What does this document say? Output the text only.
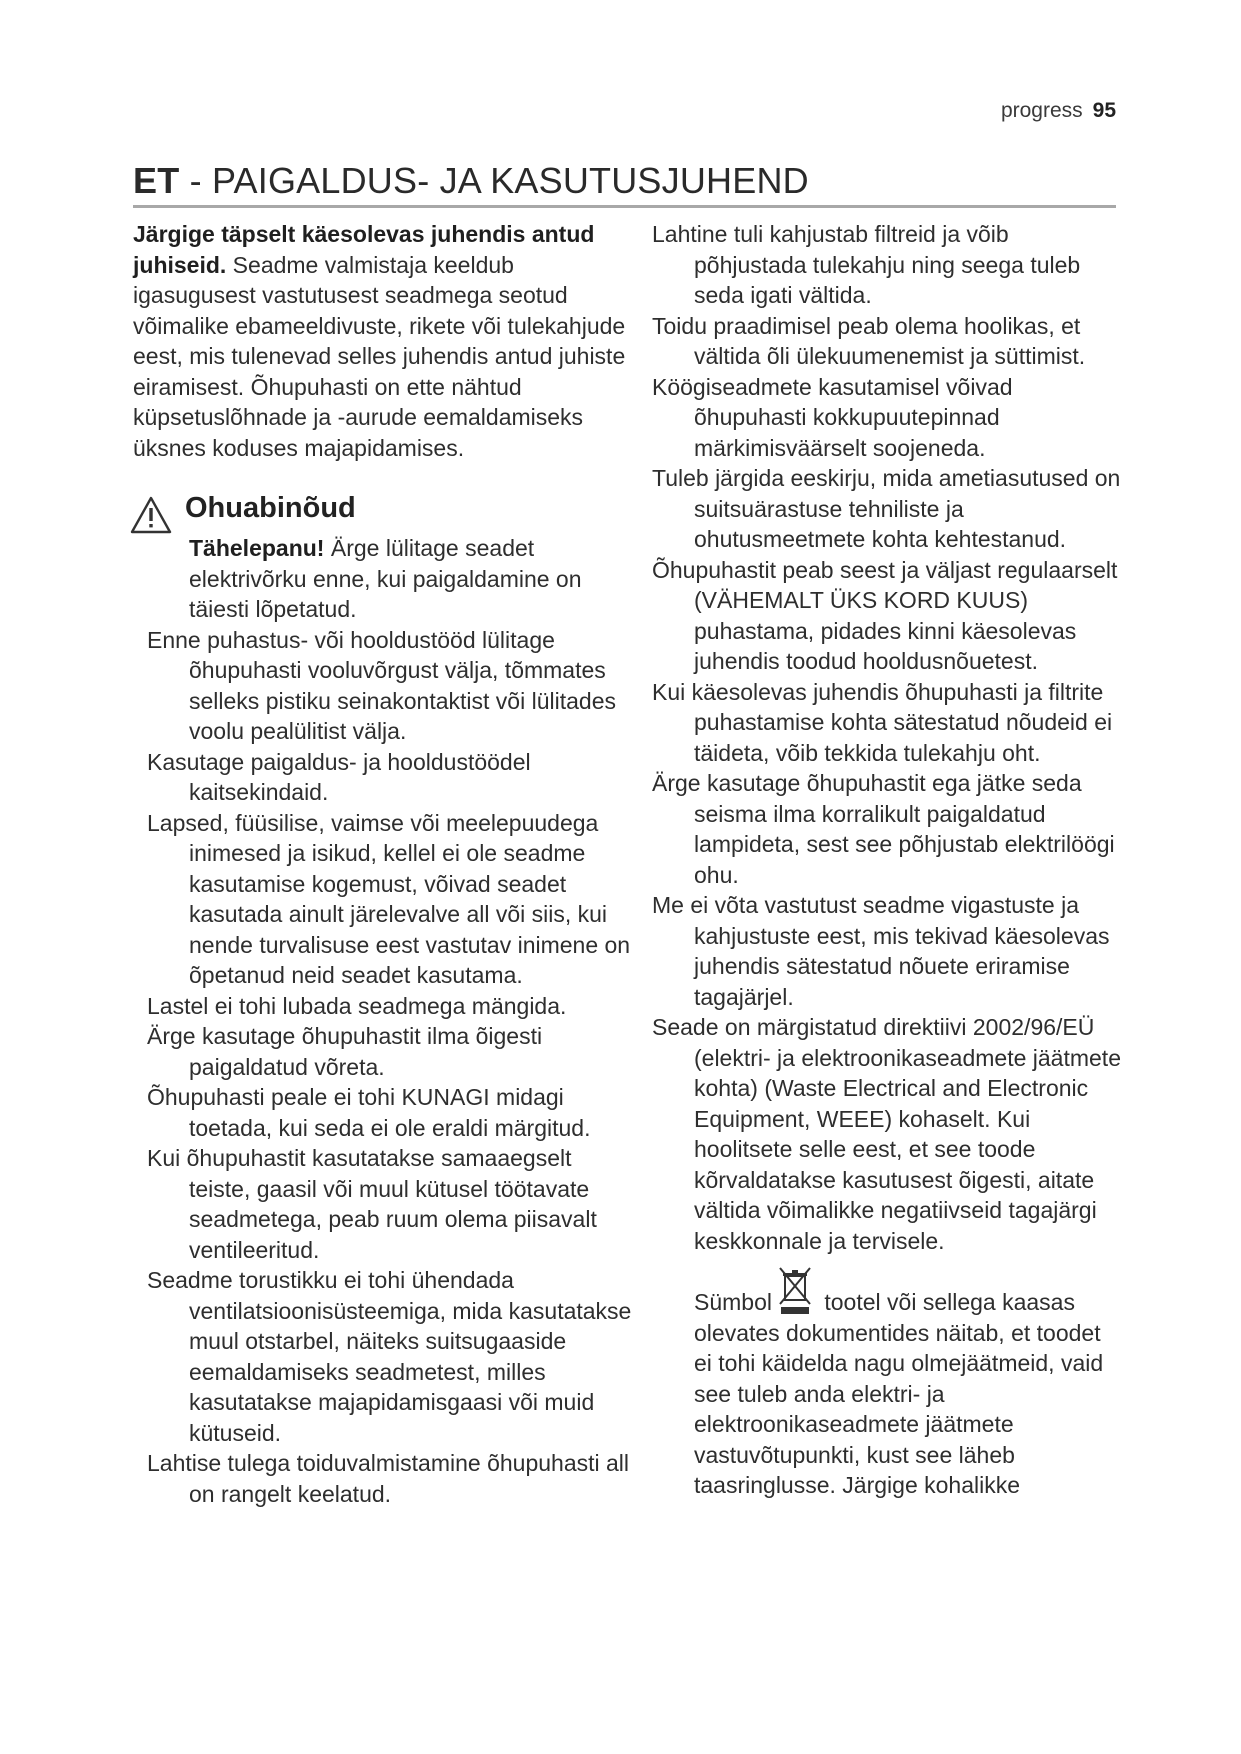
progress 95
ET - PAIGALDUS- JA KASUTUSJUHEND

Järgige täpselt käesolevas juhendis antud juhiseid. Seadme valmistaja keeldub igasugusest vastutusest seadmega seotud võimalike ebameeldivuste, rikete või tulekahjude eest, mis tulenevad selles juhendis antud juhiste eiramisest. Õhupuhasti on ette nähtud küpsetuslõhnade ja -aurude eemaldamiseks üksnes koduses majapidamises.

Ohuabinõud

Tähelepanu! Ärge lülitage seadet elektrivõrku enne, kui paigaldamine on täiesti lõpetatud.

Enne puhastus- või hooldustööd lülitage õhupuhasti vooluvõrgust välja, tõmmates selleks pistiku seinakontaktist või lülitades voolu pealülitist välja.

Kasutage paigaldus- ja hooldustöödel kaitsekindaid.

Lapsed, füüsilise, vaimse või meelepuudega inimesed ja isikud, kellel ei ole seadme kasutamise kogemust, võivad seadet kasutada ainult järelevalve all või siis, kui nende turvalisuse eest vastutav inimene on õpetanud neid seadet kasutama.

Lastel ei tohi lubada seadmega mängida.

Ärge kasutage õhupuhastit ilma õigesti paigaldatud võreta.

Õhupuhasti peale ei tohi KUNAGI midagi toetada, kui seda ei ole eraldi märgitud.

Kui õhupuhastit kasutatakse samaaegselt teiste, gaasil või muul kütusel töötavate seadmetega, peab ruum olema piisavalt ventileeritud.

Seadme torustikku ei tohi ühendada ventilatsioonisüsteemiga, mida kasutatakse muul otstarbel, näiteks suitsugaaside eemaldamiseks seadmetest, milles kasutatakse majapidamisgaasi või muid kütuseid.

Lahtise tulega toiduvalmistamine õhupuhasti all on rangelt keelatud.

Lahtine tuli kahjustab filtreid ja võib põhjustada tulekahju ning seega tuleb seda igati vältida.

Toidu praadimisel peab olema hoolikas, et vältida õli ülekuumenemist ja süttimist.

Köögiseadmete kasutamisel võivad õhupuhasti kokkupuutepinnad märkimisväärselt soojeneda.

Tuleb järgida eeskirju, mida ametiasutused on suitsuärastuse tehniliste ja ohutusmeetmete kohta kehtestanud.

Õhupuhastit peab seest ja väljast regulaarselt (VÄHEMALT ÜKS KORD KUUS) puhastama, pidades kinni käesolevas juhendis toodud hooldusnõuetest.

Kui käesolevas juhendis õhupuhasti ja filtrite puhastamise kohta sätestatud nõudeid ei täideta, võib tekkida tulekahju oht.

Ärge kasutage õhupuhastit ega jätke seda seisma ilma korralikult paigaldatud lampideta, sest see põhjustab elektrilöögi ohu.

Me ei võta vastutust seadme vigastuste ja kahjustuste eest, mis tekivad käesolevas juhendis sätestatud nõuete eriramise tagajärjel.

Seade on märgistatud direktiivi 2002/96/EÜ (elektri- ja elektroonikaseadmete jäätmete kohta) (Waste Electrical and Electronic Equipment, WEEE) kohaselt. Kui hoolitsete selle eest, et see toode kõrvaldatakse kasutusest õigesti, aitate vältida võimalikke negatiivseid tagajärgi keskkonnale ja tervisele.

Sümbol tootel või sellega kaasas olevates dokumentides näitab, et toodet ei tohi käidelda nagu olmejäätmeid, vaid see tuleb anda elektri- ja elektroonikaseadmete jäätmete vastuvõtupunkti, kust see läheb taasringlusse. Järgige kohalikke
